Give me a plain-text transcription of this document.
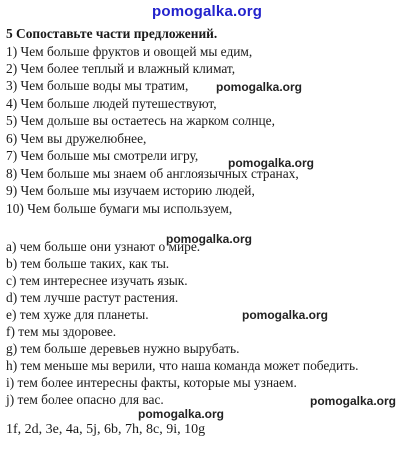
pomogalka.org
5 Сопоставьте части предложений.
1) Чем больше фруктов и овощей мы едим,
2) Чем более теплый и влажный климат,
3) Чем больше воды мы тратим,
4) Чем больше людей путешествуют,
5) Чем дольше вы остаетесь на жарком солнце,
6) Чем вы дружелюбнее,
7) Чем больше мы смотрели игру,
8) Чем больше мы знаем об англоязычных странах,
9) Чем больше мы изучаем историю людей,
10) Чем больше бумаги мы используем,
a) чем больше они узнают о мире.
b) тем больше таких, как ты.
c) тем интереснее изучать язык.
d) тем лучше растут растения.
e) тем хуже для планеты.
f) тем мы здоровее.
g) тем больше деревьев нужно вырубать.
h) тем меньше мы верили, что наша команда может победить.
i) тем более интересны факты, которые мы узнаем.
j) тем более опасно для вас.
1f, 2d, 3e, 4a, 5j, 6b, 7h, 8c, 9i, 10g
pomogalka.org
pomogalka.org
pomogalka.org
pomogalka.org
pomogalka.org
pomogalka.org
